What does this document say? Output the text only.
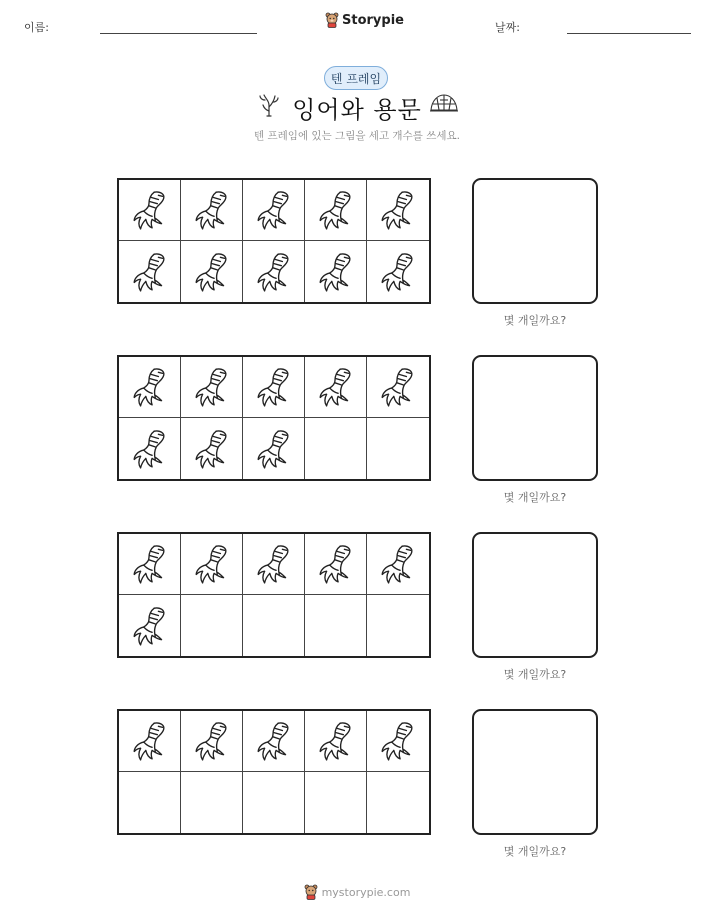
이름:	Storypie	날짜:
텐 프레임
잉어와 용문
텐 프레임에 있는 그림을 세고 개수를 쓰세요.
몇 개일까요?
몇 개일까요?
몇 개일까요?
몇 개일까요?
mystorypie.com
